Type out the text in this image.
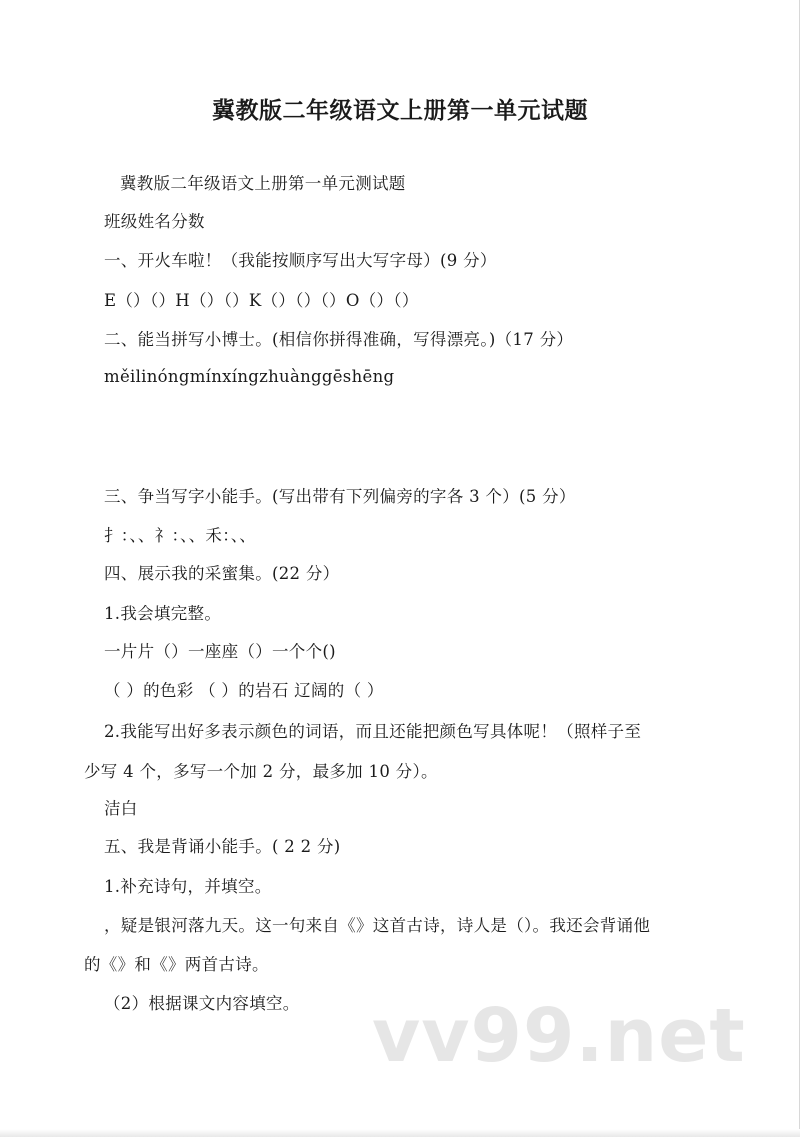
冀教版二年级语文上册第一单元试题
冀教版二年级语文上册第一单元测试题
班级姓名分数
一、开火车啦！（我能按顺序写出大写字母）(9 分）
E（）（）H（）（）K（）（）（）O（）（）
二、能当拼写小博士。(相信你拼得准确，写得漂亮。)（17 分）
měilinóngmínxíngzhuànggēshēng
三、争当写字小能手。(写出带有下列偏旁的字各 3 个）(5 分）
扌：、、礻：、、禾：、、
四、展示我的采蜜集。(22 分）
1.我会填完整。
一片片（）一座座（）一个个()
（ ）的色彩 （ ）的岩石 辽阔的（ ）
2.我能写出好多表示颜色的词语，而且还能把颜色写具体呢！（照样子至
少写 4 个，多写一个加 2 分，最多加 10 分）。
洁白
五、我是背诵小能手。( 2 2 分)
1.补充诗句，并填空。
，疑是银河落九天。这一句来自《》这首古诗，诗人是（）。我还会背诵他
的《》和《》两首古诗。
（2）根据课文内容填空。 vv99.net
